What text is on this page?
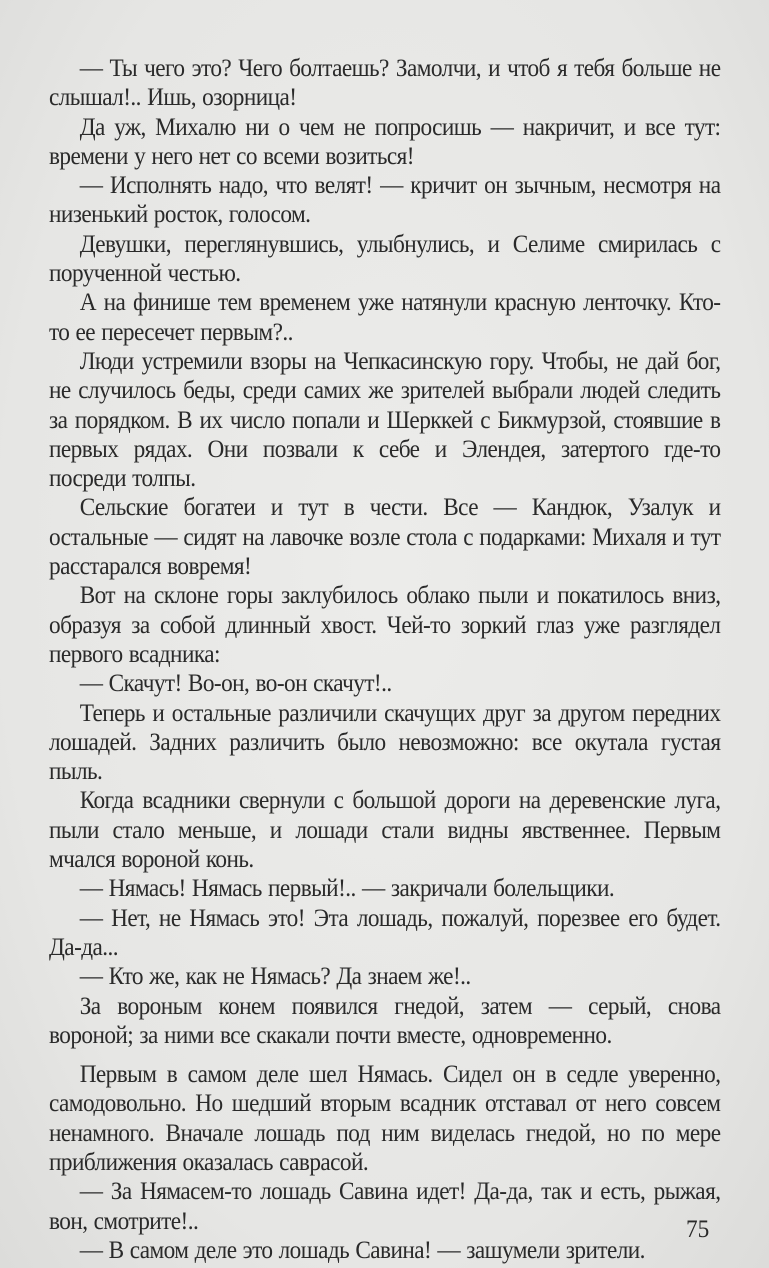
— Ты чего это? Чего болтаешь? Замолчи, и чтоб я тебя больше не слышал!.. Ишь, озорница!

Да уж, Михалю ни о чем не попросишь — накричит, и все тут: времени у него нет со всеми возиться!

— Исполнять надо, что велят! — кричит он зычным, несмотря на низенький росток, голосом.

Девушки, переглянувшись, улыбнулись, и Селиме смирилась с порученной честью.

А на финише тем временем уже натянули красную ленточку. Кто-то ее пересечет первым?..

Люди устремили взоры на Чепкасинскую гору. Чтобы, не дай бог, не случилось беды, среди самих же зрителей выбрали людей следить за порядком. В их число попали и Шерккей с Бикмурзой, стоявшие в первых рядах. Они позвали к себе и Элендея, затертого где-то посреди толпы.

Сельские богатеи и тут в чести. Все — Кандюк, Узалук и остальные — сидят на лавочке возле стола с подарками: Михаля и тут расстарался вовремя!

Вот на склоне горы заклубилось облако пыли и покатилось вниз, образуя за собой длинный хвост. Чей-то зоркий глаз уже разглядел первого всадника:

— Скачут! Во-он, во-он скачут!..

Теперь и остальные различили скачущих друг за другом передних лошадей. Задних различить было невозможно: все окутала густая пыль.

Когда всадники свернули с большой дороги на деревенские луга, пыли стало меньше, и лошади стали видны явственнее. Первым мчался вороной конь.

— Нямась! Нямась первый!.. — закричали болельщики.

— Нет, не Нямась это! Эта лошадь, пожалуй, порезвее его будет. Да-да...

— Кто же, как не Нямась? Да знаем же!..

За вороным конем появился гнедой, затем — серый, снова вороной; за ними все скакали почти вместе, одновременно.

Первым в самом деле шел Нямась. Сидел он в седле уверенно, самодовольно. Но шедший вторым всадник отставал от него совсем ненамного. Вначале лошадь под ним виделась гнедой, но по мере приближения оказалась саврасой.

— За Нямасем-то лошадь Савина идет! Да-да, так и есть, рыжая, вон, смотрите!..

— В самом деле это лошадь Савина! — зашумели зрители.

75
